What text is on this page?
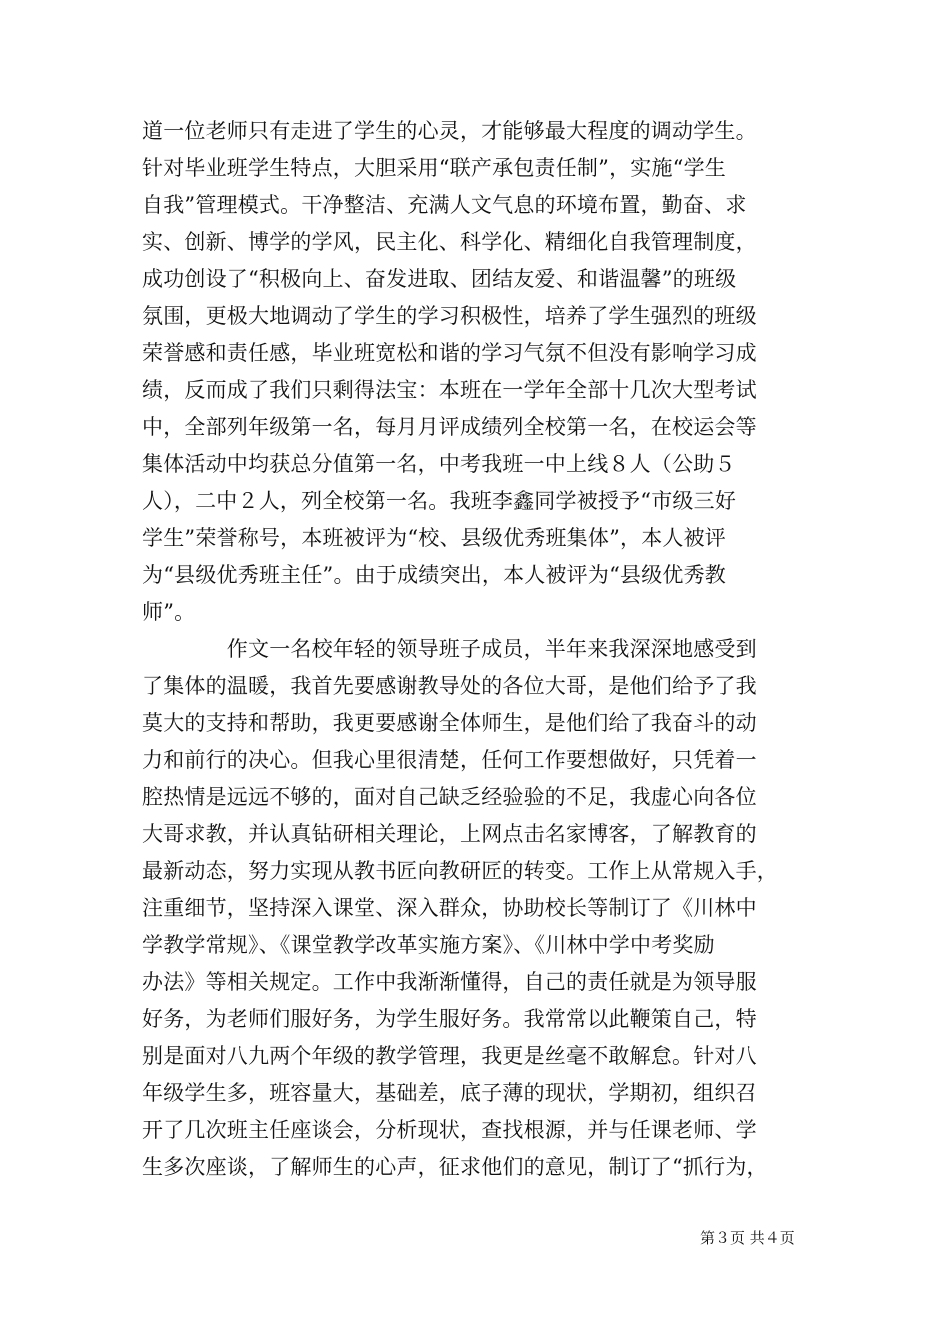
道一位老师只有走进了学生的心灵，才能够最大程度的调动学生。
针对毕业班学生特点，大胆采用“联产承包责任制”，实施“学生
自我”管理模式。干净整洁、充满人文气息的环境布置，勤奋、求
实、创新、博学的学风，民主化、科学化、精细化自我管理制度，
成功创设了“积极向上、奋发进取、团结友爱、和谐温馨”的班级
氛围，更极大地调动了学生的学习积极性，培养了学生强烈的班级
荣誉感和责任感，毕业班宽松和谐的学习气氛不但没有影响学习成
绩，反而成了我们只剩得法宝：本班在一学年全部十几次大型考试
中，全部列年级第一名，每月月评成绩列全校第一名，在校运会等
集体活动中均获总分值第一名，中考我班一中上线８人（公助５
人），二中２人，列全校第一名。我班李鑫同学被授予“市级三好
学生”荣誉称号，本班被评为“校、县级优秀班集体”，本人被评
为“县级优秀班主任”。由于成绩突出，本人被评为“县级优秀教
师”。
　　　　作文一名校年轻的领导班子成员，半年来我深深地感受到
了集体的温暖，我首先要感谢教导处的各位大哥，是他们给予了我
莫大的支持和帮助，我更要感谢全体师生，是他们给了我奋斗的动
力和前行的决心。但我心里很清楚，任何工作要想做好，只凭着一
腔热情是远远不够的，面对自己缺乏经验验的不足，我虚心向各位
大哥求教，并认真钻研相关理论，上网点击名家博客，了解教育的
最新动态，努力实现从教书匠向教研匠的转变。工作上从常规入手，
注重细节，坚持深入课堂、深入群众，协助校长等制订了《川林中
学教学常规》、《课堂教学改革实施方案》、《川林中学中考奖励
办法》等相关规定。工作中我渐渐懂得，自己的责任就是为领导服
好务，为老师们服好务，为学生服好务。我常常以此鞭策自己，特
别是面对八九两个年级的教学管理，我更是丝毫不敢解怠。针对八
年级学生多，班容量大，基础差，底子薄的现状，学期初，组织召
开了几次班主任座谈会，分析现状，查找根源，并与任课老师、学
生多次座谈，了解师生的心声，征求他们的意见，制订了“抓行为，
第３页 共４页
